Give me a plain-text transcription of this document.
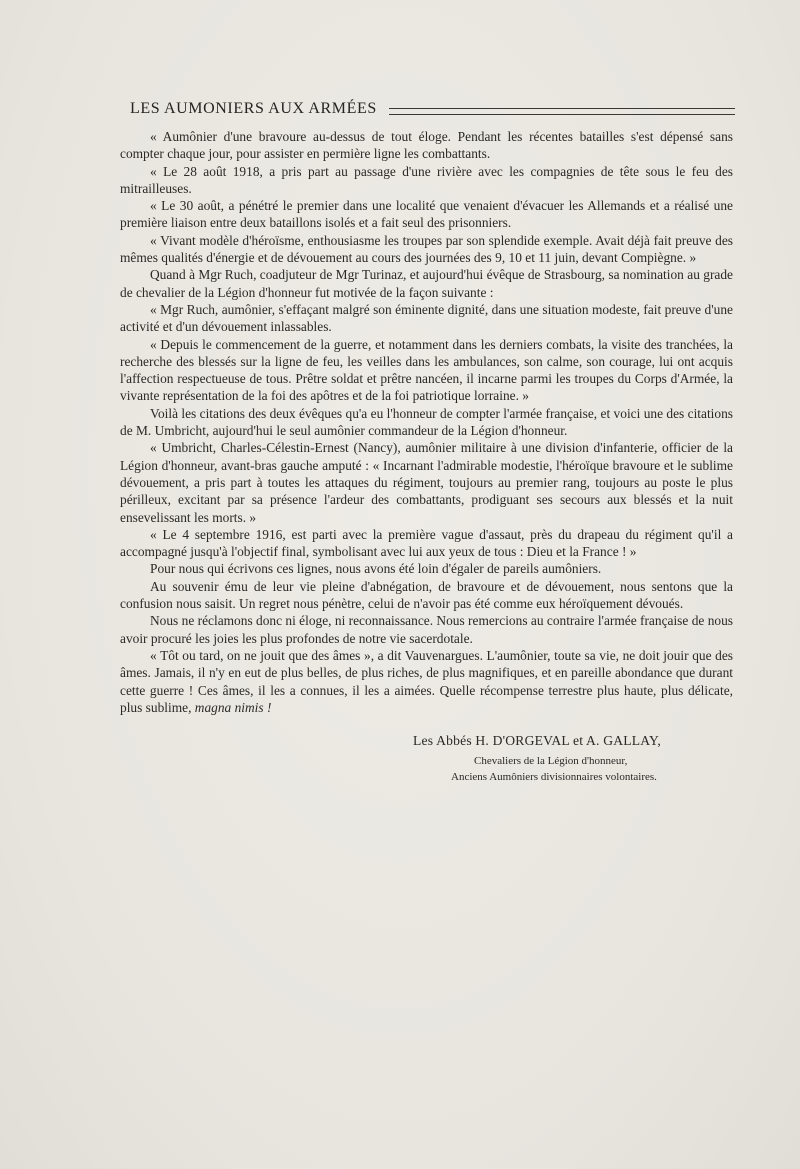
LES AUMONIERS AUX ARMÉES

« Aumônier d'une bravoure au-dessus de tout éloge. Pendant les récentes batailles s'est dépensé sans compter chaque jour, pour assister en permière ligne les combattants.

« Le 28 août 1918, a pris part au passage d'une rivière avec les compagnies de tête sous le feu des mitrailleuses.

« Le 30 août, a pénétré le premier dans une localité que venaient d'évacuer les Allemands et a réalisé une première liaison entre deux bataillons isolés et a fait seul des prisonniers.

« Vivant modèle d'héroïsme, enthousiasme les troupes par son splendide exemple. Avait déjà fait preuve des mêmes qualités d'énergie et de dévouement au cours des journées des 9, 10 et 11 juin, devant Compiègne. »

Quand à Mgr Ruch, coadjuteur de Mgr Turinaz, et aujourd'hui évêque de Strasbourg, sa nomination au grade de chevalier de la Légion d'honneur fut motivée de la façon suivante :

« Mgr Ruch, aumônier, s'effaçant malgré son éminente dignité, dans une situation modeste, fait preuve d'une activité et d'un dévouement inlassables.

« Depuis le commencement de la guerre, et notamment dans les derniers combats, la visite des tranchées, la recherche des blessés sur la ligne de feu, les veilles dans les ambulances, son calme, son courage, lui ont acquis l'affection respectueuse de tous. Prêtre soldat et prêtre nancéen, il incarne parmi les troupes du Corps d'Armée, la vivante représentation de la foi des apôtres et de la foi patriotique lorraine. »

Voilà les citations des deux évêques qu'a eu l'honneur de compter l'armée française, et voici une des citations de M. Umbricht, aujourd'hui le seul aumônier commandeur de la Légion d'honneur.

« Umbricht, Charles-Célestin-Ernest (Nancy), aumônier militaire à une division d'infanterie, officier de la Légion d'honneur, avant-bras gauche amputé : « Incarnant l'admirable modestie, l'héroïque bravoure et le sublime dévouement, a pris part à toutes les attaques du régiment, toujours au premier rang, toujours au poste le plus périlleux, excitant par sa présence l'ardeur des combattants, prodiguant ses secours aux blessés et la nuit ensevelissant les morts. »

« Le 4 septembre 1916, est parti avec la première vague d'assaut, près du drapeau du régiment qu'il a accompagné jusqu'à l'objectif final, symbolisant avec lui aux yeux de tous : Dieu et la France ! »

Pour nous qui écrivons ces lignes, nous avons été loin d'égaler de pareils aumôniers.

Au souvenir ému de leur vie pleine d'abnégation, de bravoure et de dévouement, nous sentons que la confusion nous saisit. Un regret nous pénètre, celui de n'avoir pas été comme eux héroïquement dévoués.

Nous ne réclamons donc ni éloge, ni reconnaissance. Nous remercions au contraire l'armée française de nous avoir procuré les joies les plus profondes de notre vie sacerdotale.

« Tôt ou tard, on ne jouit que des âmes », a dit Vauvenargues. L'aumônier, toute sa vie, ne doit jouir que des âmes. Jamais, il n'y en eut de plus belles, de plus riches, de plus magnifiques, et en pareille abondance que durant cette guerre ! Ces âmes, il les a connues, il les a aimées. Quelle récompense terrestre plus haute, plus délicate, plus sublime, magna nimis !

Les Abbés H. D'ORGEVAL et A. GALLAY,
Chevaliers de la Légion d'honneur,
Anciens Aumôniers divisionnaires volontaires.
